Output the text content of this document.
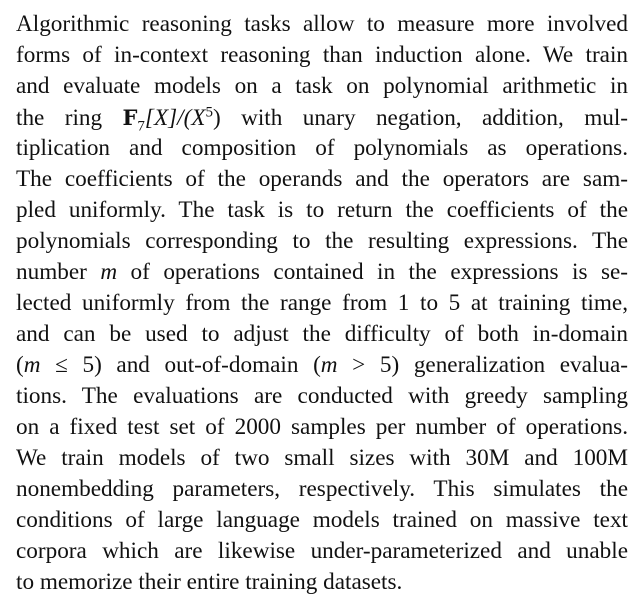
Algorithmic reasoning tasks allow to measure more involved
forms of in-context reasoning than induction alone. We train
and evaluate models on a task on polynomial arithmetic in
the ring $F_7[X]/(X^5)$ with unary negation, addition, mul-
tiplication and composition of polynomials as operations.
The coefficients of the operands and the operators are sam-
pled uniformly. The task is to return the coefficients of the
polynomials corresponding to the resulting expressions. The
number m of operations contained in the expressions is se-
lected uniformly from the range from 1 to 5 at training time,
and can be used to adjust the difficulty of both in-domain
(m ≤ 5) and out-of-domain (m > 5) generalization evalua-
tions. The evaluations are conducted with greedy sampling
on a fixed test set of 2000 samples per number of operations.
We train models of two small sizes with 30M and 100M
nonembedding parameters, respectively. This simulates the
conditions of large language models trained on massive text
corpora which are likewise under-parameterized and unable
to memorize their entire training datasets.
